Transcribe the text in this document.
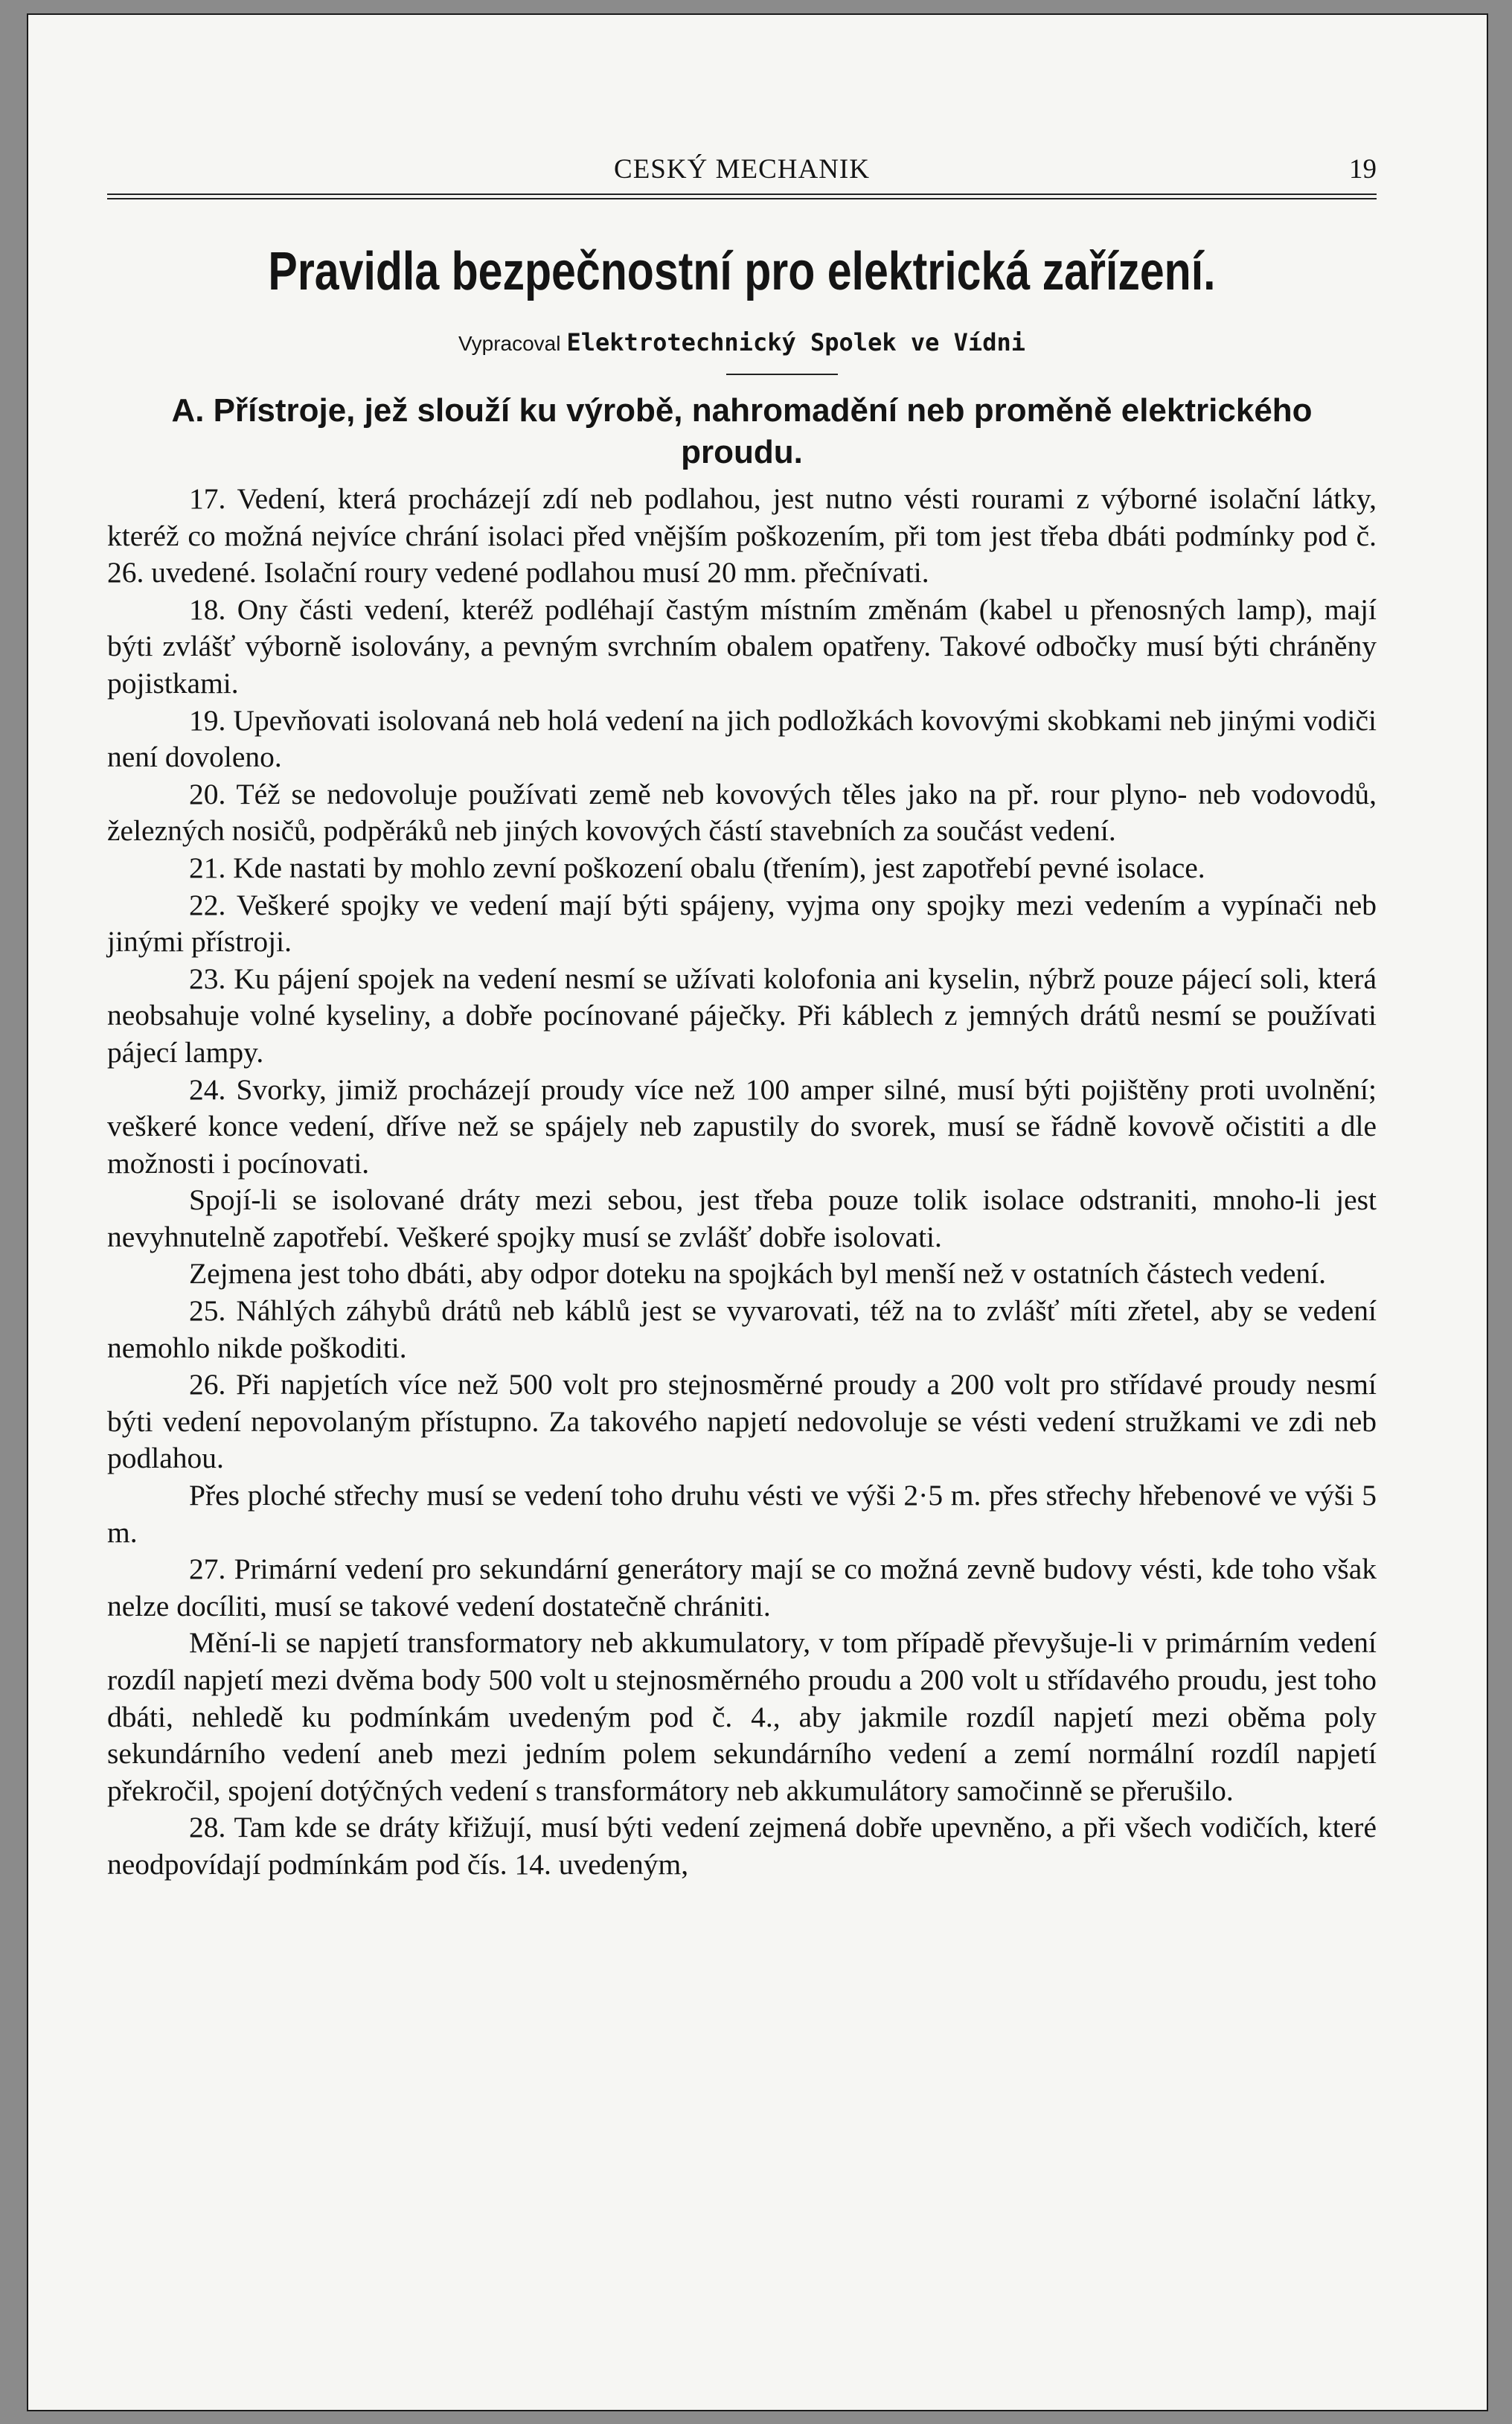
CESKÝ MECHANIK	19
Pravidla bezpečnostní pro elektrická zařízení.
Vypracoval Elektrotechnický Spolek ve Vídni
A. Přístroje, jež slouží ku výrobě, nahromadění neb proměně elektrického proudu.

17. Vedení, která procházejí zdí neb podlahou, jest nutno vésti rourami z výborné isolační látky, kteréž co možná nejvíce chrání isolaci před vnějším poškozením, při tom jest třeba dbáti podmínky pod č. 26. uvedené. Isolační roury vedené podlahou musí 20 mm. přečnívati.

18. Ony části vedení, kteréž podléhají častým místním změnám (kabel u přenosných lamp), mají býti zvlášť výborně isolovány, a pevným svrchním obalem opatřeny. Takové odbočky musí býti chráněny pojistkami.

19. Upevňovati isolovaná neb holá vedení na jich podložkách kovovými skobkami neb jinými vodiči není dovoleno.

20. Též se nedovoluje používati země neb kovových těles jako na př. rour plyno- neb vodovodů, železných nosičů, podpěráků neb jiných kovových částí stavebních za součást vedení.

21. Kde nastati by mohlo zevní poškození obalu (třením), jest zapotřebí pevné isolace.

22. Veškeré spojky ve vedení mají býti spájeny, vyjma ony spojky mezi vedením a vypínači neb jinými přístroji.

23. Ku pájení spojek na vedení nesmí se užívati kolofonia ani kyselin, nýbrž pouze pájecí soli, která neobsahuje volné kyseliny, a dobře pocínované páječky. Při káblech z jemných drátů nesmí se používati pájecí lampy.

24. Svorky, jimiž procházejí proudy více než 100 amper silné, musí býti pojištěny proti uvolnění; veškeré konce vedení, dříve než se spájely neb zapustily do svorek, musí se řádně kovově očistiti a dle možnosti i pocínovati.

Spojí-li se isolované dráty mezi sebou, jest třeba pouze tolik isolace odstraniti, mnoho-li jest nevyhnutelně zapotřebí. Veškeré spojky musí se zvlášť dobře isolovati.

Zejmena jest toho dbáti, aby odpor doteku na spojkách byl menší než v ostatních částech vedení.

25. Náhlých záhybů drátů neb káblů jest se vyvarovati, též na to zvlášť míti zřetel, aby se vedení nemohlo nikde poškoditi.

26. Při napjetích více než 500 volt pro stejnosměrné proudy a 200 volt pro střídavé proudy nesmí býti vedení nepovolaným přístupno. Za takového napjetí nedovoluje se vésti vedení stružkami ve zdi neb podlahou.

Přes ploché střechy musí se vedení toho druhu vésti ve výši 2·5 m. přes střechy hřebenové ve výši 5 m.

27. Primární vedení pro sekundární generátory mají se co možná zevně budovy vésti, kde toho však nelze docíliti, musí se takové vedení dostatečně chrániti.

Mění-li se napjetí transformatory neb akkumulatory, v tom případě převyšuje-li v primárním vedení rozdíl napjetí mezi dvěma body 500 volt u stejnosměrného proudu a 200 volt u střídavého proudu, jest toho dbáti, nehledě ku podmínkám uvedeným pod č. 4., aby jakmile rozdíl napjetí mezi oběma poly sekundárního vedení aneb mezi jedním polem sekundárního vedení a zemí normální rozdíl napjetí překročil, spojení dotýčných vedení s transformátory neb akkumulátory samočinně se přerušilo.

28. Tam kde se dráty křižují, musí býti vedení zejmená dobře upevněno, a při všech vodičích, které neodpovídají podmínkám pod čís. 14. uvedeným,
